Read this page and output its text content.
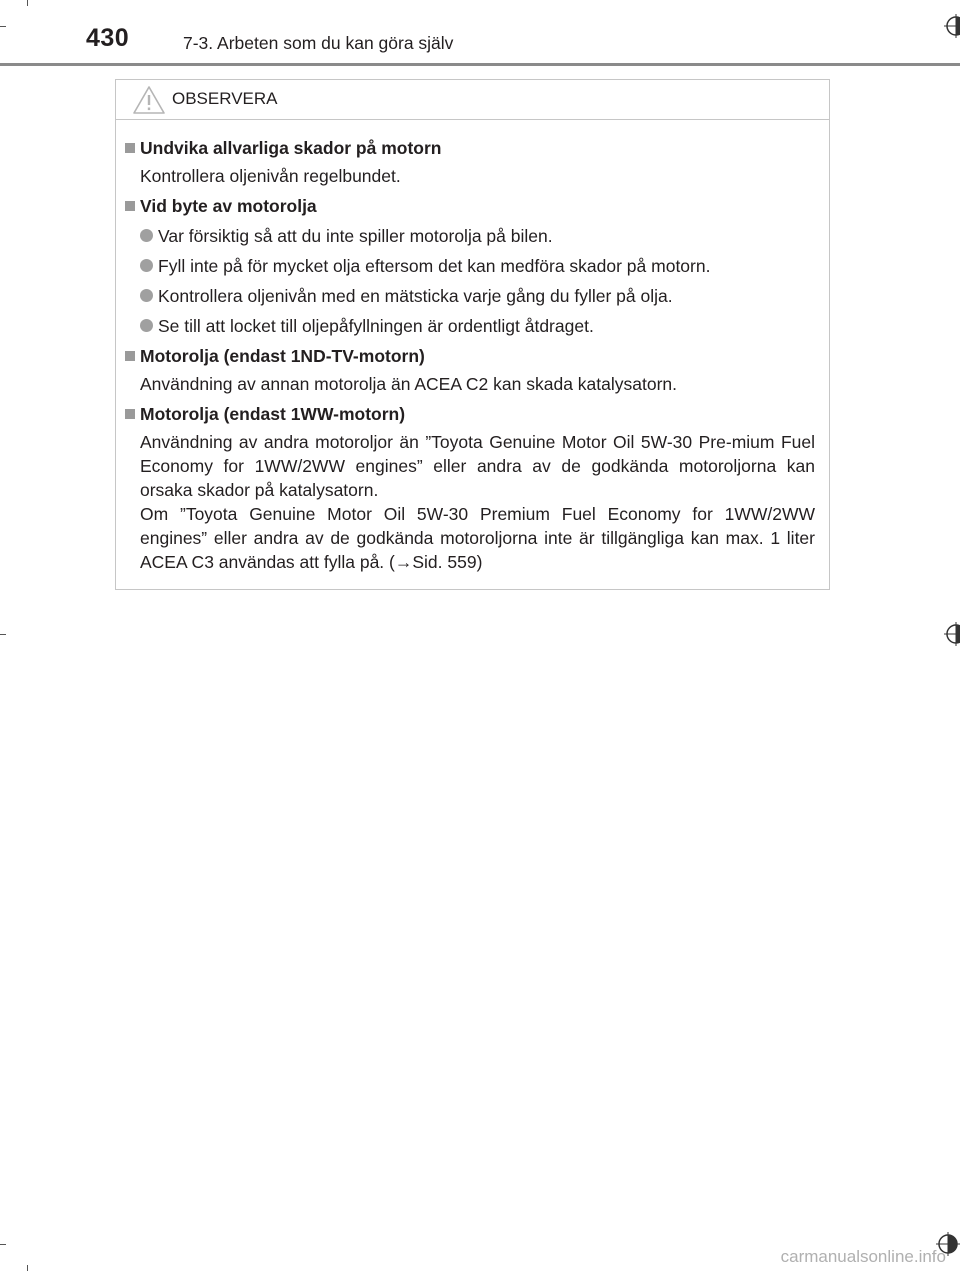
430	7-3. Arbeten som du kan göra själv
OBSERVERA
Undvika allvarliga skador på motorn
Kontrollera oljenivån regelbundet.
Vid byte av motorolja
Var försiktig så att du inte spiller motorolja på bilen.
Fyll inte på för mycket olja eftersom det kan medföra skador på motorn.
Kontrollera oljenivån med en mätsticka varje gång du fyller på olja.
Se till att locket till oljepåfyllningen är ordentligt åtdraget.
Motorolja (endast 1ND-TV-motorn)
Användning av annan motorolja än ACEA C2 kan skada katalysatorn.
Motorolja (endast 1WW-motorn)
Användning av andra motoroljor än ”Toyota Genuine Motor Oil 5W-30 Pre-mium Fuel Economy for 1WW/2WW engines” eller andra av de godkända motoroljorna kan orsaka skador på katalysatorn.
Om ”Toyota Genuine Motor Oil 5W-30 Premium Fuel Economy for 1WW/2WW engines” eller andra av de godkända motoroljorna inte är tillgängliga kan max. 1 liter ACEA C3 användas att fylla på. (→Sid. 559)
carmanualsonline.info
